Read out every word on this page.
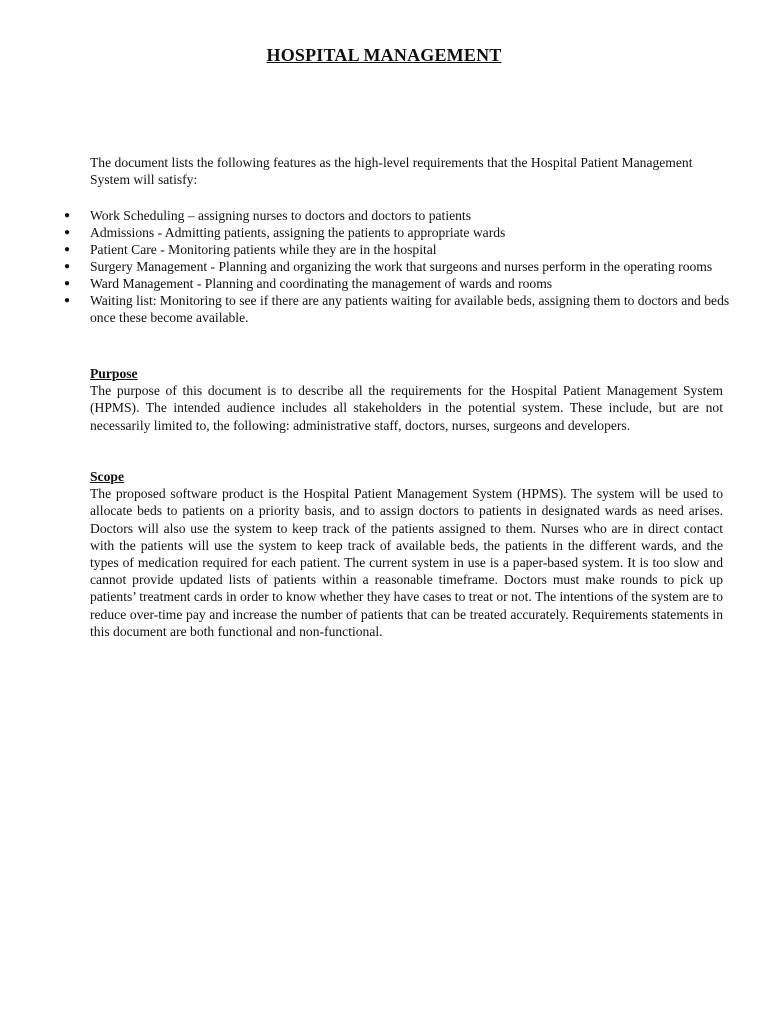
HOSPITAL MANAGEMENT

The document lists the following features as the high-level requirements that the Hospital Patient Management System will satisfy:

● Work Scheduling – assigning nurses to doctors and doctors to patients
● Admissions - Admitting patients, assigning the patients to appropriate wards
● Patient Care - Monitoring patients while they are in the hospital
● Surgery Management - Planning and organizing the work that surgeons and nurses perform in the operating rooms
● Ward Management - Planning and coordinating the management of wards and rooms
● Waiting list: Monitoring to see if there are any patients waiting for available beds, assigning them to doctors and beds once these become available.
Purpose

The purpose of this document is to describe all the requirements for the Hospital Patient Management System (HPMS). The intended audience includes all stakeholders in the potential system. These include, but are not necessarily limited to, the following: administrative staff, doctors, nurses, surgeons and developers.

Scope

The proposed software product is the Hospital Patient Management System (HPMS). The system will be used to allocate beds to patients on a priority basis, and to assign doctors to patients in designated wards as need arises. Doctors will also use the system to keep track of the patients assigned to them. Nurses who are in direct contact with the patients will use the system to keep track of available beds, the patients in the different wards, and the types of medication required for each patient. The current system in use is a paper-based system. It is too slow and cannot provide updated lists of patients within a reasonable timeframe. Doctors must make rounds to pick up patients’ treatment cards in order to know whether they have cases to treat or not. The intentions of the system are to reduce over-time pay and increase the number of patients that can be treated accurately. Requirements statements in this document are both functional and non-functional.
